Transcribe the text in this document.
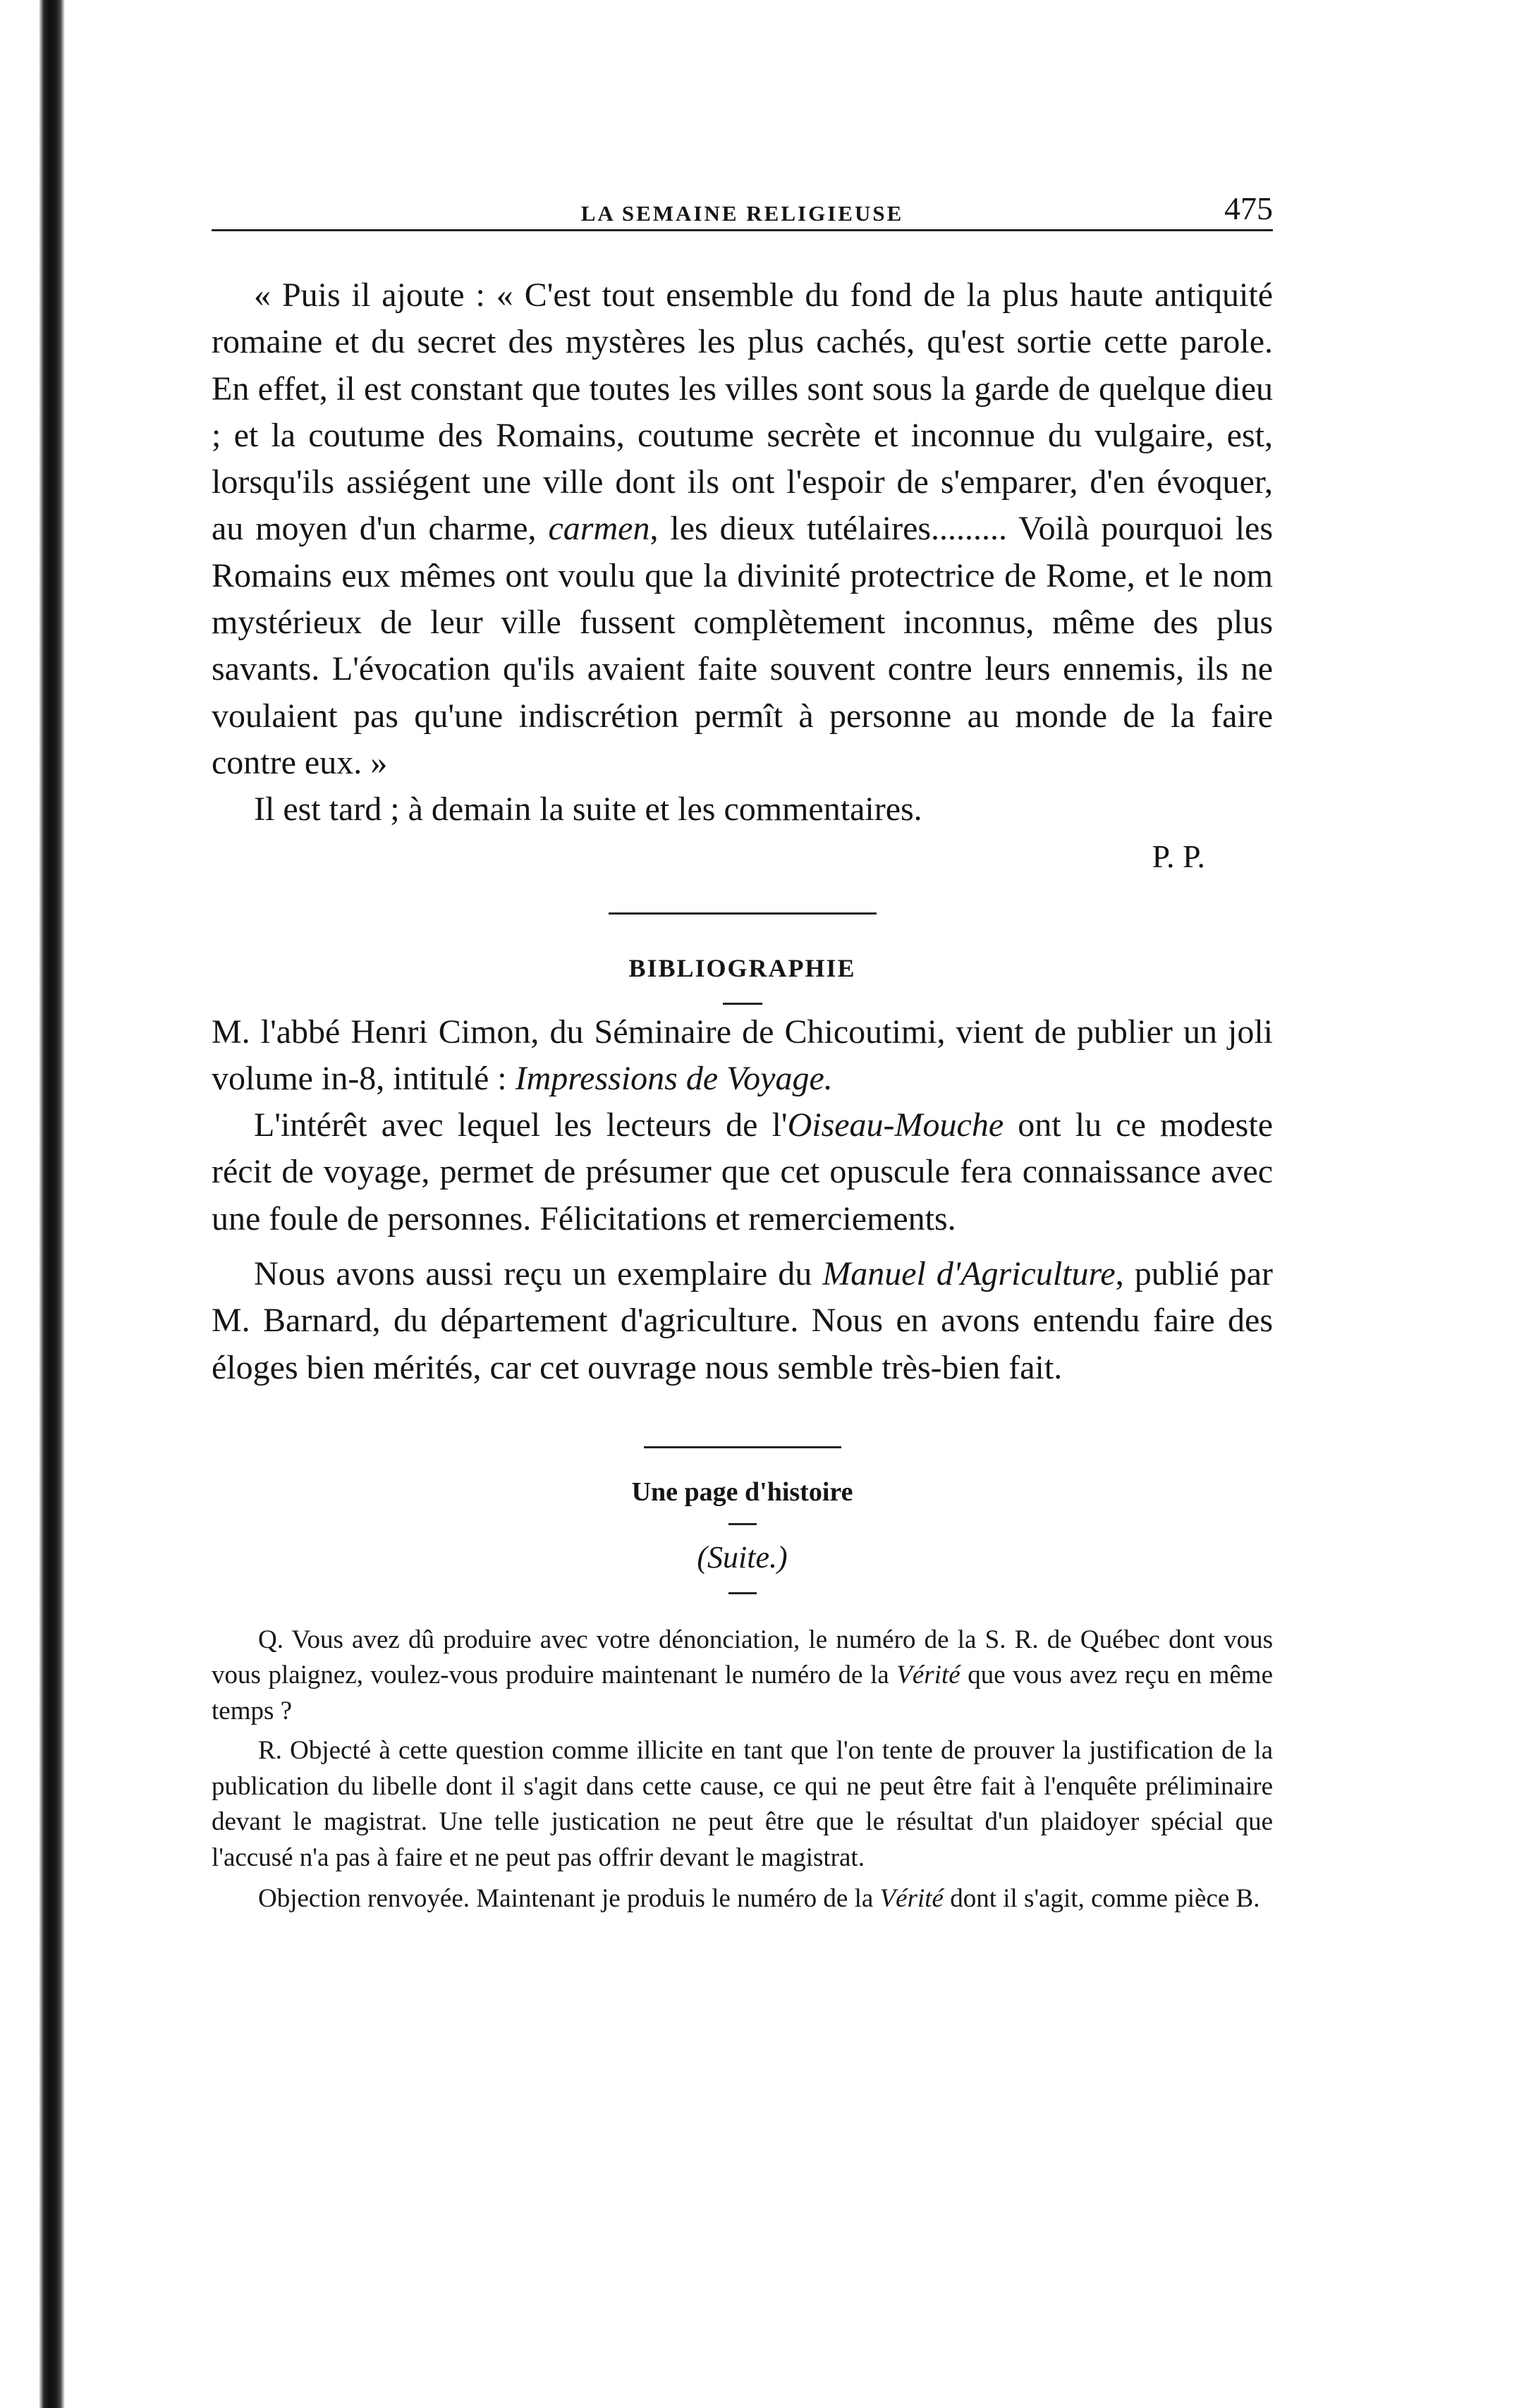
LA SEMAINE RELIGIEUSE	475

« Puis il ajoute : « C'est tout ensemble du fond de la plus haute antiquité romaine et du secret des mystères les plus cachés, qu'est sortie cette parole. En effet, il est constant que toutes les villes sont sous la garde de quelque dieu ; et la coutume des Romains, coutume secrète et inconnue du vulgaire, est, lorsqu'ils assiégent une ville dont ils ont l'espoir de s'emparer, d'en évoquer, au moyen d'un charme, carmen, les dieux tutélaires......... Voilà pourquoi les Romains eux mêmes ont voulu que la divinité protectrice de Rome, et le nom mystérieux de leur ville fussent complètement inconnus, même des plus savants. L'évocation qu'ils avaient faite souvent contre leurs ennemis, ils ne voulaient pas qu'une indiscrétion permît à personne au monde de la faire contre eux. »

Il est tard ; à demain la suite et les commentaires.

P. P.
BIBLIOGRAPHIE

M. l'abbé Henri Cimon, du Séminaire de Chicoutimi, vient de publier un joli volume in-8, intitulé : Impressions de Voyage.

L'intérêt avec lequel les lecteurs de l'Oiseau-Mouche ont lu ce modeste récit de voyage, permet de présumer que cet opuscule fera connaissance avec une foule de personnes. Félicitations et remerciements.

Nous avons aussi reçu un exemplaire du Manuel d'Agriculture, publié par M. Barnard, du département d'agriculture. Nous en avons entendu faire des éloges bien mérités, car cet ouvrage nous semble très-bien fait.

Une page d'histoire
(Suite.)

Q. Vous avez dû produire avec votre dénonciation, le numéro de la S. R. de Québec dont vous vous plaignez, voulez-vous produire maintenant le numéro de la Vérité que vous avez reçu en même temps ?

R. Objecté à cette question comme illicite en tant que l'on tente de prouver la justification de la publication du libelle dont il s'agit dans cette cause, ce qui ne peut être fait à l'enquête préliminaire devant le magistrat. Une telle justication ne peut être que le résultat d'un plaidoyer spécial que l'accusé n'a pas à faire et ne peut pas offrir devant le magistrat.

Objection renvoyée. Maintenant je produis le numéro de la Vérité dont il s'agit, comme pièce B.
